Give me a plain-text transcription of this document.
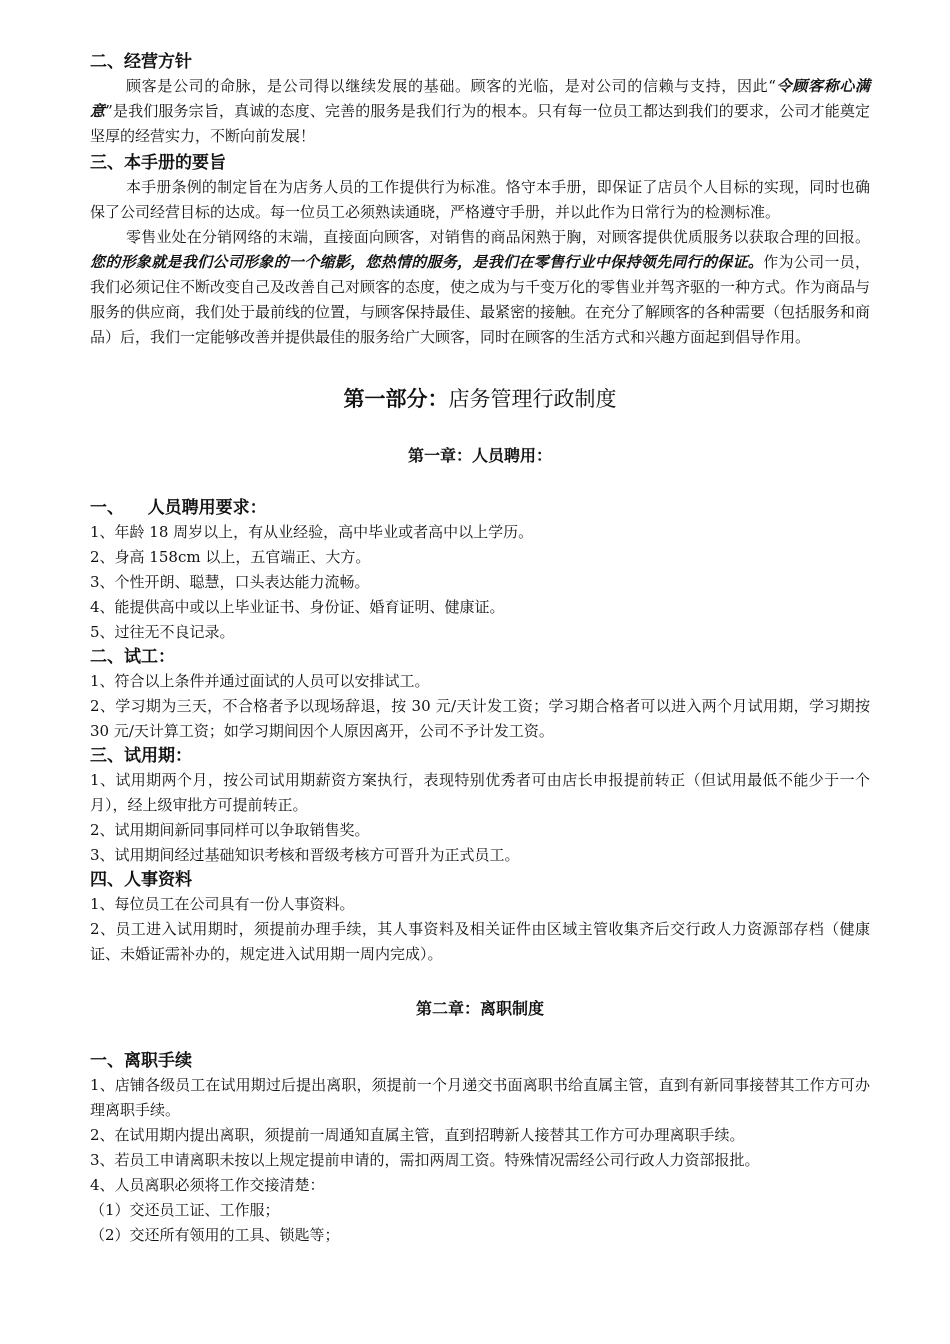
二、经营方针

顾客是公司的命脉，是公司得以继续发展的基础。顾客的光临，是对公司的信赖与支持，因此“令顾客称心满意”是我们服务宗旨，真诚的态度、完善的服务是我们行为的根本。只有每一位员工都达到我们的要求，公司才能奠定坚厚的经营实力，不断向前发展！

三、本手册的要旨

本手册条例的制定旨在为店务人员的工作提供行为标准。恪守本手册，即保证了店员个人目标的实现，同时也确保了公司经营目标的达成。每一位员工必须熟读通晓，严格遵守手册，并以此作为日常行为的检测标准。

零售业处在分销网络的末端，直接面向顾客，对销售的商品闲熟于胸，对顾客提供优质服务以获取合理的回报。您的形象就是我们公司形象的一个缩影，您热情的服务，是我们在零售行业中保持领先同行的保证。作为公司一员，我们必须记住不断改变自己及改善自己对顾客的态度，使之成为与千变万化的零售业并驾齐驱的一种方式。作为商品与服务的供应商，我们处于最前线的位置，与顾客保持最佳、最紧密的接触。在充分了解顾客的各种需要（包括服务和商品）后，我们一定能够改善并提供最佳的服务给广大顾客，同时在顾客的生活方式和兴趣方面起到倡导作用。

第一部分：店务管理行政制度
第一章：人员聘用：
一、    人员聘用要求：

1、年龄 18 周岁以上，有从业经验，高中毕业或者高中以上学历。

2、身高 158cm 以上，五官端正、大方。

3、个性开朗、聪慧，口头表达能力流畅。

4、能提供高中或以上毕业证书、身份证、婚育证明、健康证。

5、过往无不良记录。

二、试工：

1、符合以上条件并通过面试的人员可以安排试工。

2、学习期为三天，不合格者予以现场辞退，按 30 元/天计发工资；学习期合格者可以进入两个月试用期，学习期按 30 元/天计算工资；如学习期间因个人原因离开，公司不予计发工资。

三、试用期：

1、试用期两个月，按公司试用期薪资方案执行，表现特别优秀者可由店长申报提前转正（但试用最低不能少于一个月），经上级审批方可提前转正。

2、试用期间新同事同样可以争取销售奖。

3、试用期间经过基础知识考核和晋级考核方可晋升为正式员工。

四、人事资料

1、每位员工在公司具有一份人事资料。

2、员工进入试用期时，须提前办理手续，其人事资料及相关证件由区域主管收集齐后交行政人力资源部存档（健康证、未婚证需补办的，规定进入试用期一周内完成）。

第二章：离职制度
一、离职手续

1、店铺各级员工在试用期过后提出离职，须提前一个月递交书面离职书给直属主管，直到有新同事接替其工作方可办理离职手续。

2、在试用期内提出离职，须提前一周通知直属主管，直到招聘新人接替其工作方可办理离职手续。

3、若员工申请离职未按以上规定提前申请的，需扣两周工资。特殊情况需经公司行政人力资部报批。

4、人员离职必须将工作交接清楚：

（1）交还员工证、工作服；

（2）交还所有领用的工具、锁匙等；
